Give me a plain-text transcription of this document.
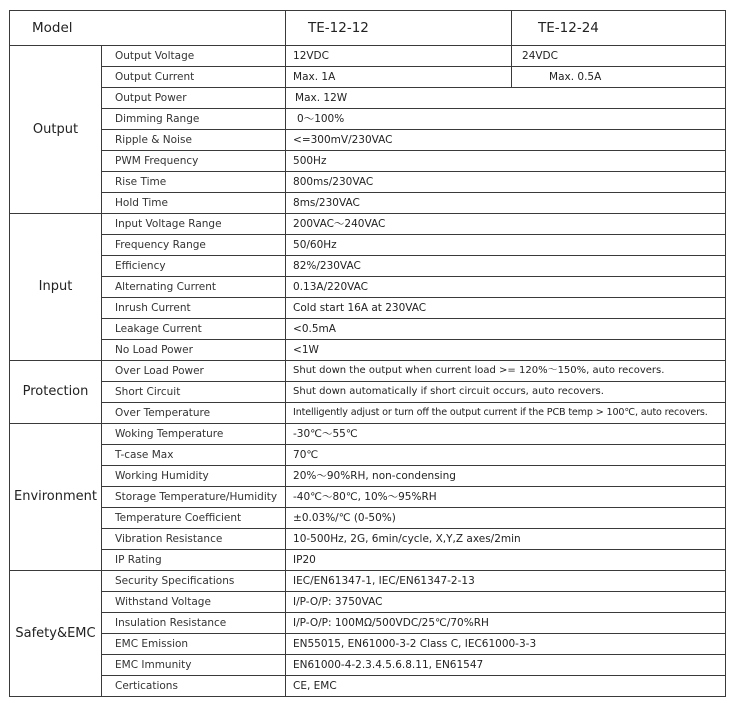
Model		TE-12-12	TE-12-24
Output	Output Voltage	12VDC	24VDC
	Output Current	Max. 1A	Max. 0.5A
	Output Power	Max. 12W	
	Dimming Range	0～100%	
	Ripple & Noise	<=300mV/230VAC	
	PWM Frequency	500Hz	
	Rise Time	800ms/230VAC	
	Hold Time	8ms/230VAC	
Input	Input Voltage Range	200VAC～240VAC	
	Frequency Range	50/60Hz	
	Efficiency	82%/230VAC	
	Alternating Current	0.13A/220VAC	
	Inrush Current	Cold start 16A at 230VAC	
	Leakage Current	<0.5mA	
	No Load Power	<1W	
Protection	Over Load Power	Shut down the output when current load >= 120%～150%, auto recovers.	
	Short Circuit	Shut down automatically if short circuit occurs, auto recovers.	
	Over Temperature	Intelligently adjust or turn off the output current if the PCB temp > 100℃, auto recovers.	
Environment	Woking Temperature	-30℃～55℃	
	T-case Max	70℃	
	Working Humidity	20%～90%RH, non-condensing	
	Storage Temperature/Humidity	-40℃～80℃, 10%～95%RH	
	Temperature Coefficient	±0.03%/℃ (0-50%)	
	Vibration Resistance	10-500Hz, 2G, 6min/cycle, X,Y,Z axes/2min	
	IP Rating	IP20	
Safety&EMC	Security Specifications	IEC/EN61347-1, IEC/EN61347-2-13	
	Withstand Voltage	I/P-O/P: 3750VAC	
	Insulation Resistance	I/P-O/P: 100MΩ/500VDC/25℃/70%RH	
	EMC Emission	EN55015, EN61000-3-2 Class C, IEC61000-3-3	
	EMC Immunity	EN61000-4-2.3.4.5.6.8.11, EN61547	
	Certications	CE, EMC	
